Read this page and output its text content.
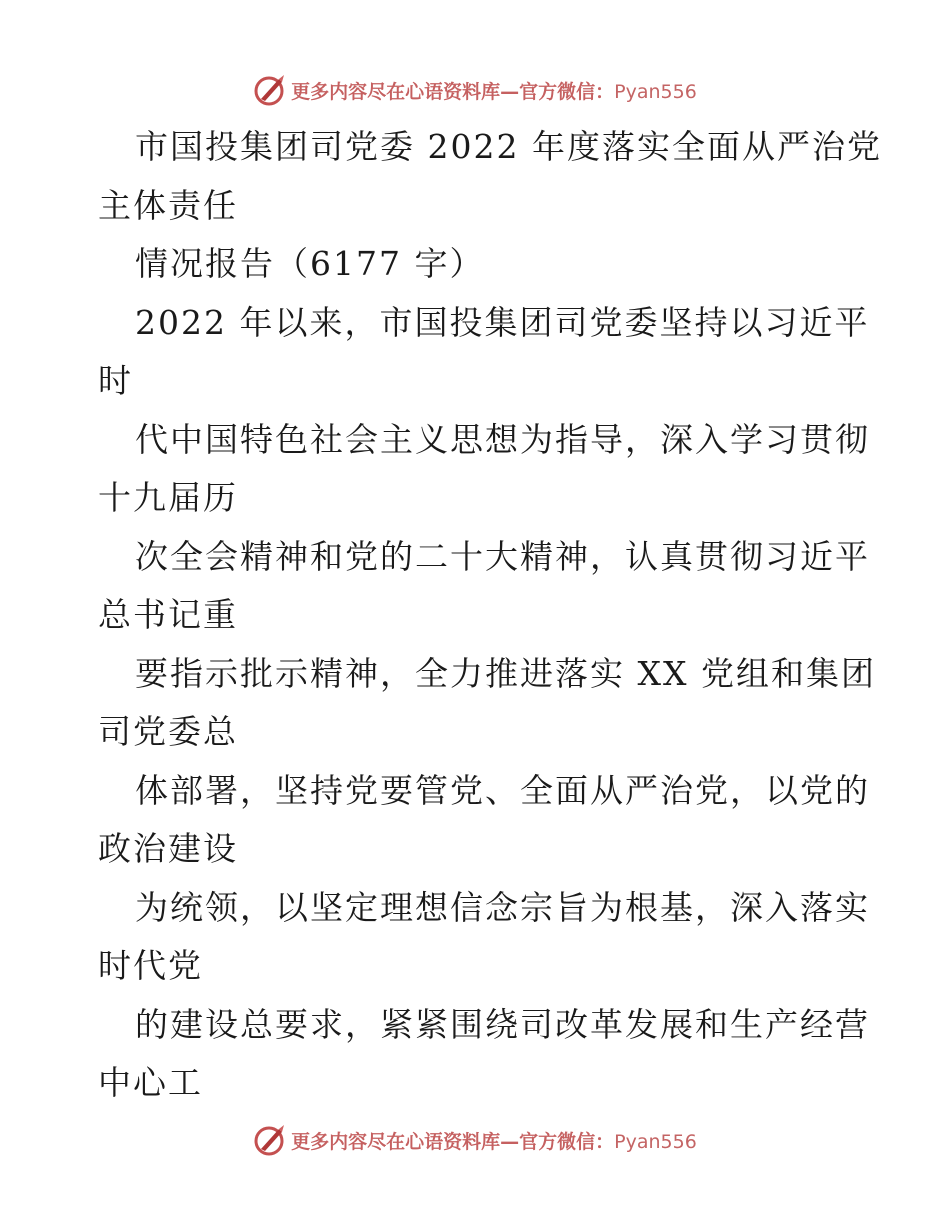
更多内容尽在心语资料库—官方微信：Pyan556
市国投集团司党委 2022 年度落实全面从严治党
主体责任
情况报告（6177 字）
2022 年以来，市国投集团司党委坚持以习近平
时
代中国特色社会主义思想为指导，深入学习贯彻
十九届历
次全会精神和党的二十大精神，认真贯彻习近平
总书记重
要指示批示精神，全力推进落实 XX 党组和集团
司党委总
体部署，坚持党要管党、全面从严治党，以党的
政治建设
为统领，以坚定理想信念宗旨为根基，深入落实
时代党
的建设总要求，紧紧围绕司改革发展和生产经营
中心工
更多内容尽在心语资料库—官方微信：Pyan556
